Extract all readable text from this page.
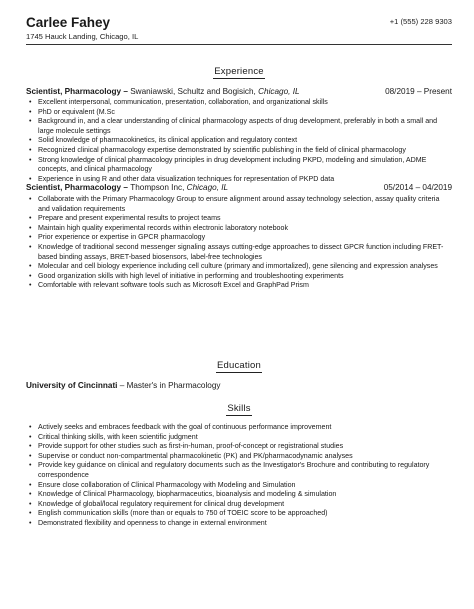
Carlee Fahey
1745 Hauck Landing, Chicago, IL
+1 (555) 228 9303
Experience
Scientist, Pharmacology – Swaniawski, Schultz and Bogisich, Chicago, IL	08/2019 – Present
• Excellent interpersonal, communication, presentation, collaboration, and organizational skills
• PhD or equivalent (M.Sc
• Background in, and a clear understanding of clinical pharmacology aspects of drug development, preferably in both a small and large molecule settings
• Solid knowledge of pharmacokinetics, its clinical application and regulatory context
• Recognized clinical pharmacology expertise demonstrated by scientific publishing in the field of clinical pharmacology
• Strong knowledge of clinical pharmacology principles in drug development including PKPD, modeling and simulation, ADME concepts, and clinical pharmacology
• Experience in using R and other data visualization techniques for representation of PKPD data
Scientist, Pharmacology – Thompson Inc, Chicago, IL	05/2014 – 04/2019
• Collaborate with the Primary Pharmacology Group to ensure alignment around assay technology selection, assay quality criteria and validation requirements
• Prepare and present experimental results to project teams
• Maintain high quality experimental records within electronic laboratory notebook
• Prior experience or expertise in GPCR pharmacology
• Knowledge of traditional second messenger signaling assays cutting-edge approaches to dissect GPCR function including FRET-based binding assays, BRET-based biosensors, label-free technologies
• Molecular and cell biology experience including cell culture (primary and immortalized), gene silencing and expression analyses
• Good organization skills with high level of initiative in performing and troubleshooting experiments
• Comfortable with relevant software tools such as Microsoft Excel and GraphPad Prism
Education
University of Cincinnati – Master's in Pharmacology
Skills
• Actively seeks and embraces feedback with the goal of continuous performance improvement
• Critical thinking skills, with keen scientific judgment
• Provide support for other studies such as first-in-human, proof-of-concept or registrational studies
• Supervise or conduct non-compartmental pharmacokinetic (PK) and PK/pharmacodynamic analyses
• Provide key guidance on clinical and regulatory documents such as the Investigator's Brochure and contributing to regulatory correspondence
• Ensure close collaboration of Clinical Pharmacology with Modeling and Simulation
• Knowledge of Clinical Pharmacology, biopharmaceutics, bioanalysis and modeling & simulation
• Knowledge of global/local regulatory requirement for clinical drug development
• English communication skills (more than or equals to 750 of TOEIC score to be approached)
• Demonstrated flexibility and openness to change in external environment
